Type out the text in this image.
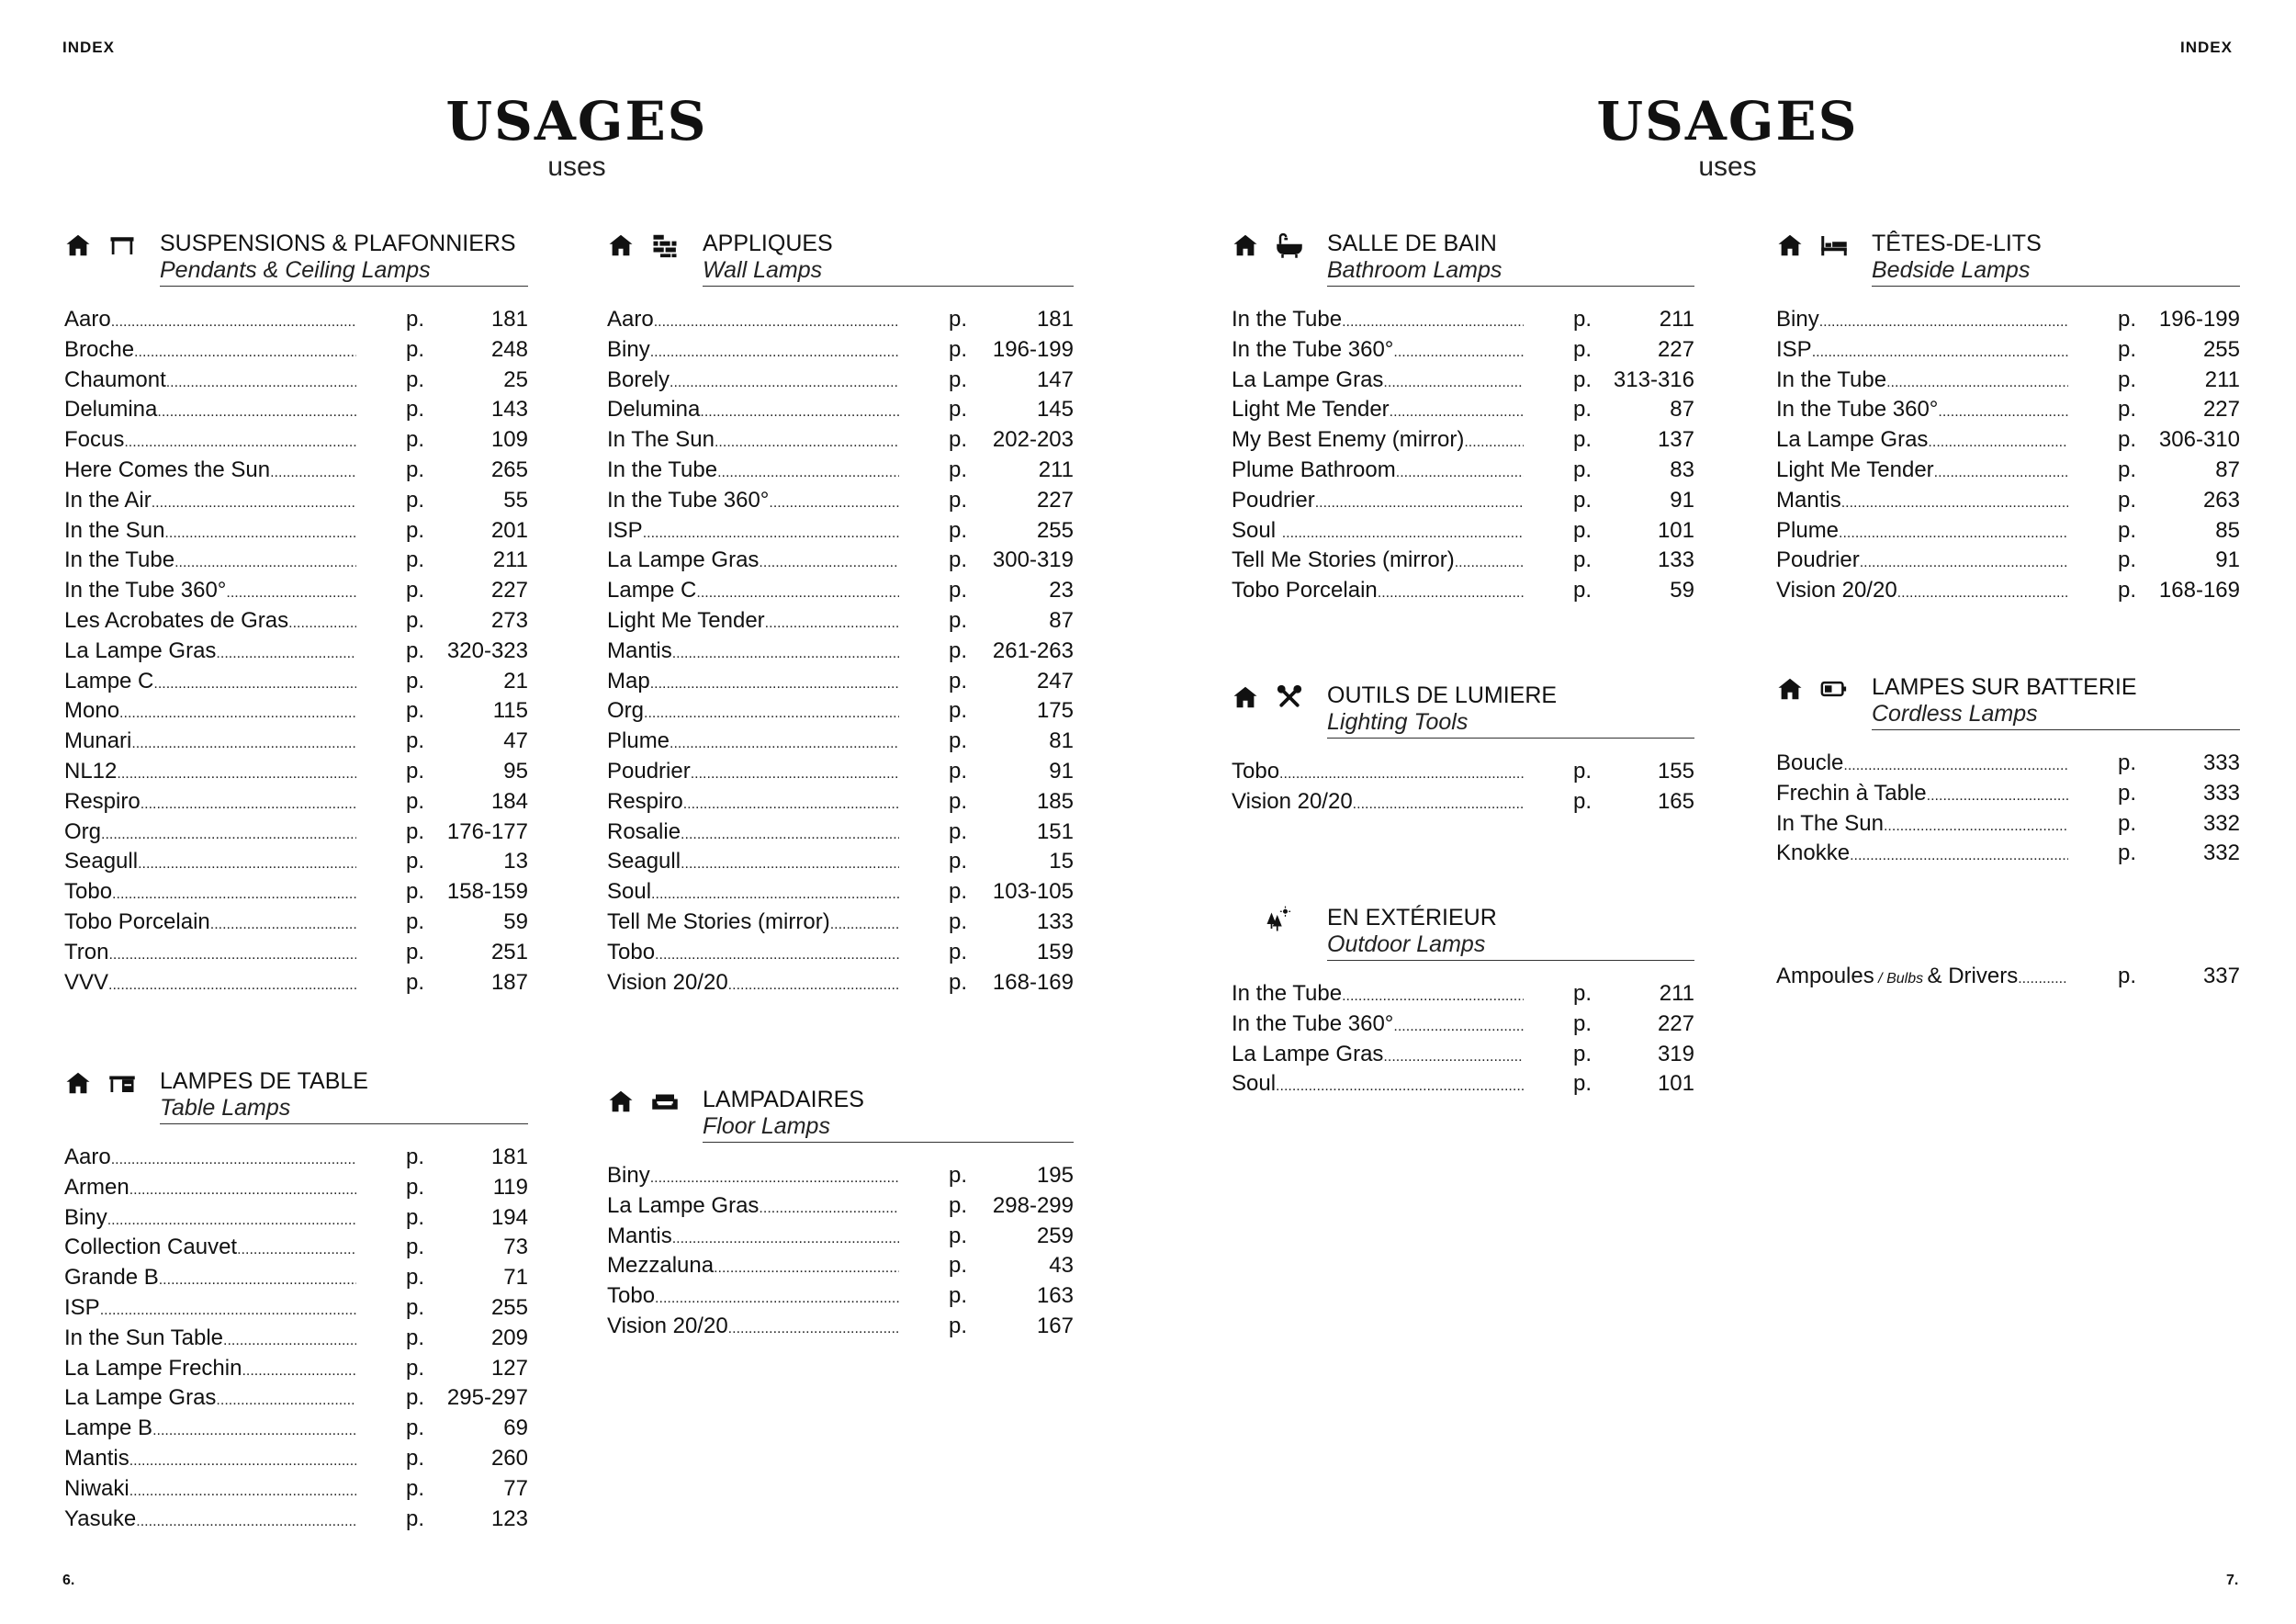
INDEX	INDEX
USAGES
uses
USAGES
uses
SUSPENSIONS & PLAFONNIERS
Pendants & Ceiling Lamps
Aaro .....	p.	181
Broche .....	p.	248
Chaumont .....	p.	25
Delumina .....	p.	143
Focus .....	p.	109
Here Comes the Sun .....	p.	265
In the Air .....	p.	55
In the Sun .....	p.	201
In the Tube .....	p.	211
In the Tube 360° .....	p.	227
Les Acrobates de Gras .....	p.	273
La Lampe Gras .....	p. 320-323
Lampe C .....	p.	21
Mono .....	p.	115
Munari .....	p.	47
NL12 .....	p.	95
Respiro .....	p.	184
Org .....	p. 176-177
Seagull .....	p.	13
Tobo .....	p. 158-159
Tobo Porcelain .....	p.	59
Tron .....	p.	251
VVV .....	p.	187
LAMPES DE TABLE
Table Lamps
Aaro .....	p.	181
Armen .....	p.	119
Biny .....	p.	194
Collection Cauvet .....	p.	73
Grande B .....	p.	71
ISP .....	p.	255
In the Sun Table .....	p.	209
La Lampe Frechin .....	p.	127
La Lampe Gras .....	p. 295-297
Lampe B .....	p.	69
Mantis .....	p.	260
Niwaki .....	p.	77
Yasuke .....	p.	123
APPLIQUES
Wall Lamps
Aaro .....	p.	181
Biny .....	p. 196-199
Borely .....	p.	147
Delumina .....	p.	145
In The Sun .....	p. 202-203
In the Tube .....	p.	211
In the Tube 360° .....	p.	227
ISP .....	p.	255
La Lampe Gras .....	p. 300-319
Lampe C .....	p.	23
Light Me Tender .....	p.	87
Mantis .....	p. 261-263
Map .....	p.	247
Org .....	p.	175
Plume .....	p.	81
Poudrier .....	p.	91
Respiro .....	p.	185
Rosalie .....	p.	151
Seagull .....	p.	15
Soul .....	p. 103-105
Tell Me Stories (mirror) .....	p.	133
Tobo .....	p.	159
Vision 20/20 .....	p. 168-169
LAMPADAIRES
Floor Lamps
Biny .....	p.	195
La Lampe Gras .....	p. 298-299
Mantis .....	p.	259
Mezzaluna .....	p.	43
Tobo .....	p.	163
Vision 20/20 .....	p.	167
SALLE DE BAIN
Bathroom Lamps
In the Tube .....	p.	211
In the Tube 360° .....	p.	227
La Lampe Gras .....	p. 313-316
Light Me Tender .....	p.	87
My Best Enemy (mirror) .....	p.	137
Plume Bathroom .....	p.	83
Poudrier .....	p.	91
Soul .....	p.	101
Tell Me Stories (mirror) .....	p.	133
Tobo Porcelain .....	p.	59
OUTILS DE LUMIERE
Lighting Tools
Tobo .....	p.	155
Vision 20/20 .....	p.	165
EN EXTÉRIEUR
Outdoor Lamps
In the Tube .....	p.	211
In the Tube 360° .....	p.	227
La Lampe Gras .....	p.	319
Soul .....	p.	101
TÊTES-DE-LITS
Bedside Lamps
Biny .....	p. 196-199
ISP .....	p.	255
In the Tube .....	p.	211
In the Tube 360° .....	p.	227
La Lampe Gras .....	p. 306-310
Light Me Tender .....	p.	87
Mantis .....	p.	263
Plume .....	p.	85
Poudrier .....	p.	91
Vision 20/20 .....	p. 168-169
LAMPES SUR BATTERIE
Cordless Lamps
Boucle .....	p.	333
Frechin à Table .....	p.	333
In The Sun .....	p.	332
Knokke .....	p.	332
Ampoules / Bulbs & Drivers .....	p.	337
6.	7.
